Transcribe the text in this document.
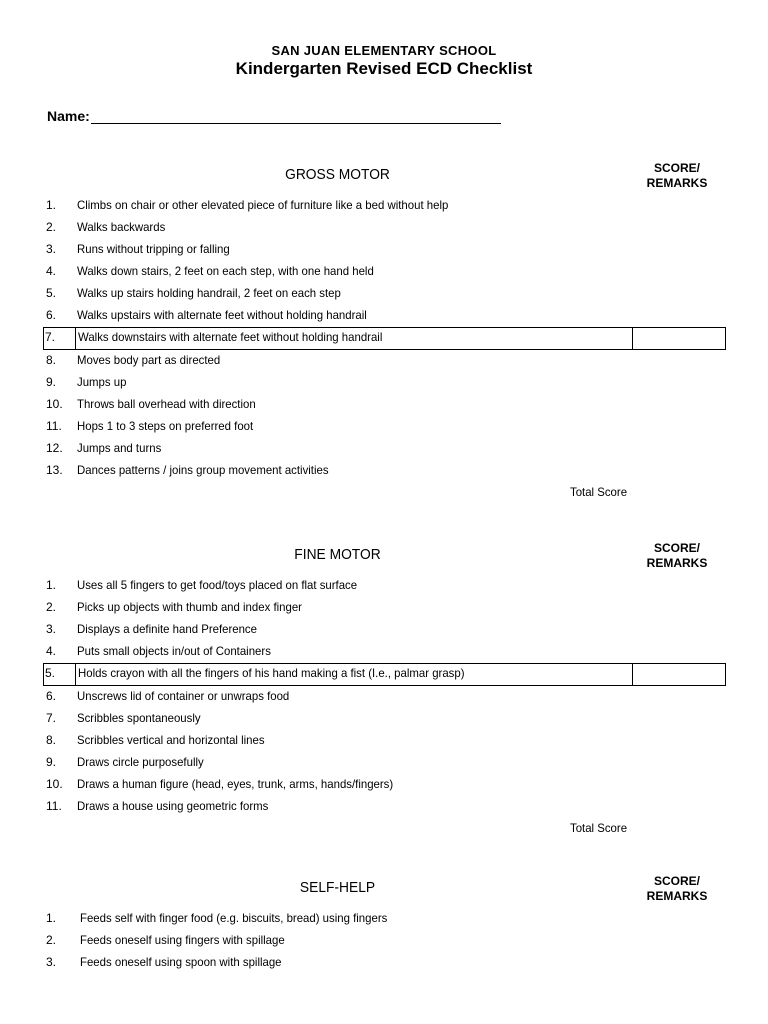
SAN JUAN ELEMENTARY SCHOOL
Kindergarten Revised ECD Checklist
Name:
GROSS MOTOR	SCORE/
REMARKS
1. Climbs on chair or other elevated piece of furniture like a bed without help
2. Walks backwards
3. Runs without tripping or falling
4. Walks down stairs, 2 feet on each step, with one hand held
5. Walks up stairs holding handrail, 2 feet on each step
6. Walks upstairs with alternate feet without holding handrail
7. Walks downstairs with alternate feet without holding handrail
8. Moves body part as directed
9. Jumps up
10. Throws ball overhead with direction
11. Hops 1 to 3 steps on preferred foot
12. Jumps and turns
13. Dances patterns / joins group movement activities
Total Score
FINE MOTOR	SCORE/
REMARKS
1. Uses all 5 fingers to get food/toys placed on flat surface
2. Picks up objects with thumb and index finger
3. Displays a definite hand Preference
4. Puts small objects in/out of Containers
5. Holds crayon with all the fingers of his hand making a fist (I.e., palmar grasp)
6. Unscrews lid of container or unwraps food
7. Scribbles spontaneously
8. Scribbles vertical and horizontal lines
9. Draws circle purposefully
10. Draws a human figure (head, eyes, trunk, arms, hands/fingers)
11. Draws a house using geometric forms
Total Score
SELF-HELP	SCORE/
REMARKS
1. Feeds self with finger food (e.g. biscuits, bread) using fingers
2. Feeds oneself using fingers with spillage
3. Feeds oneself using spoon with spillage
